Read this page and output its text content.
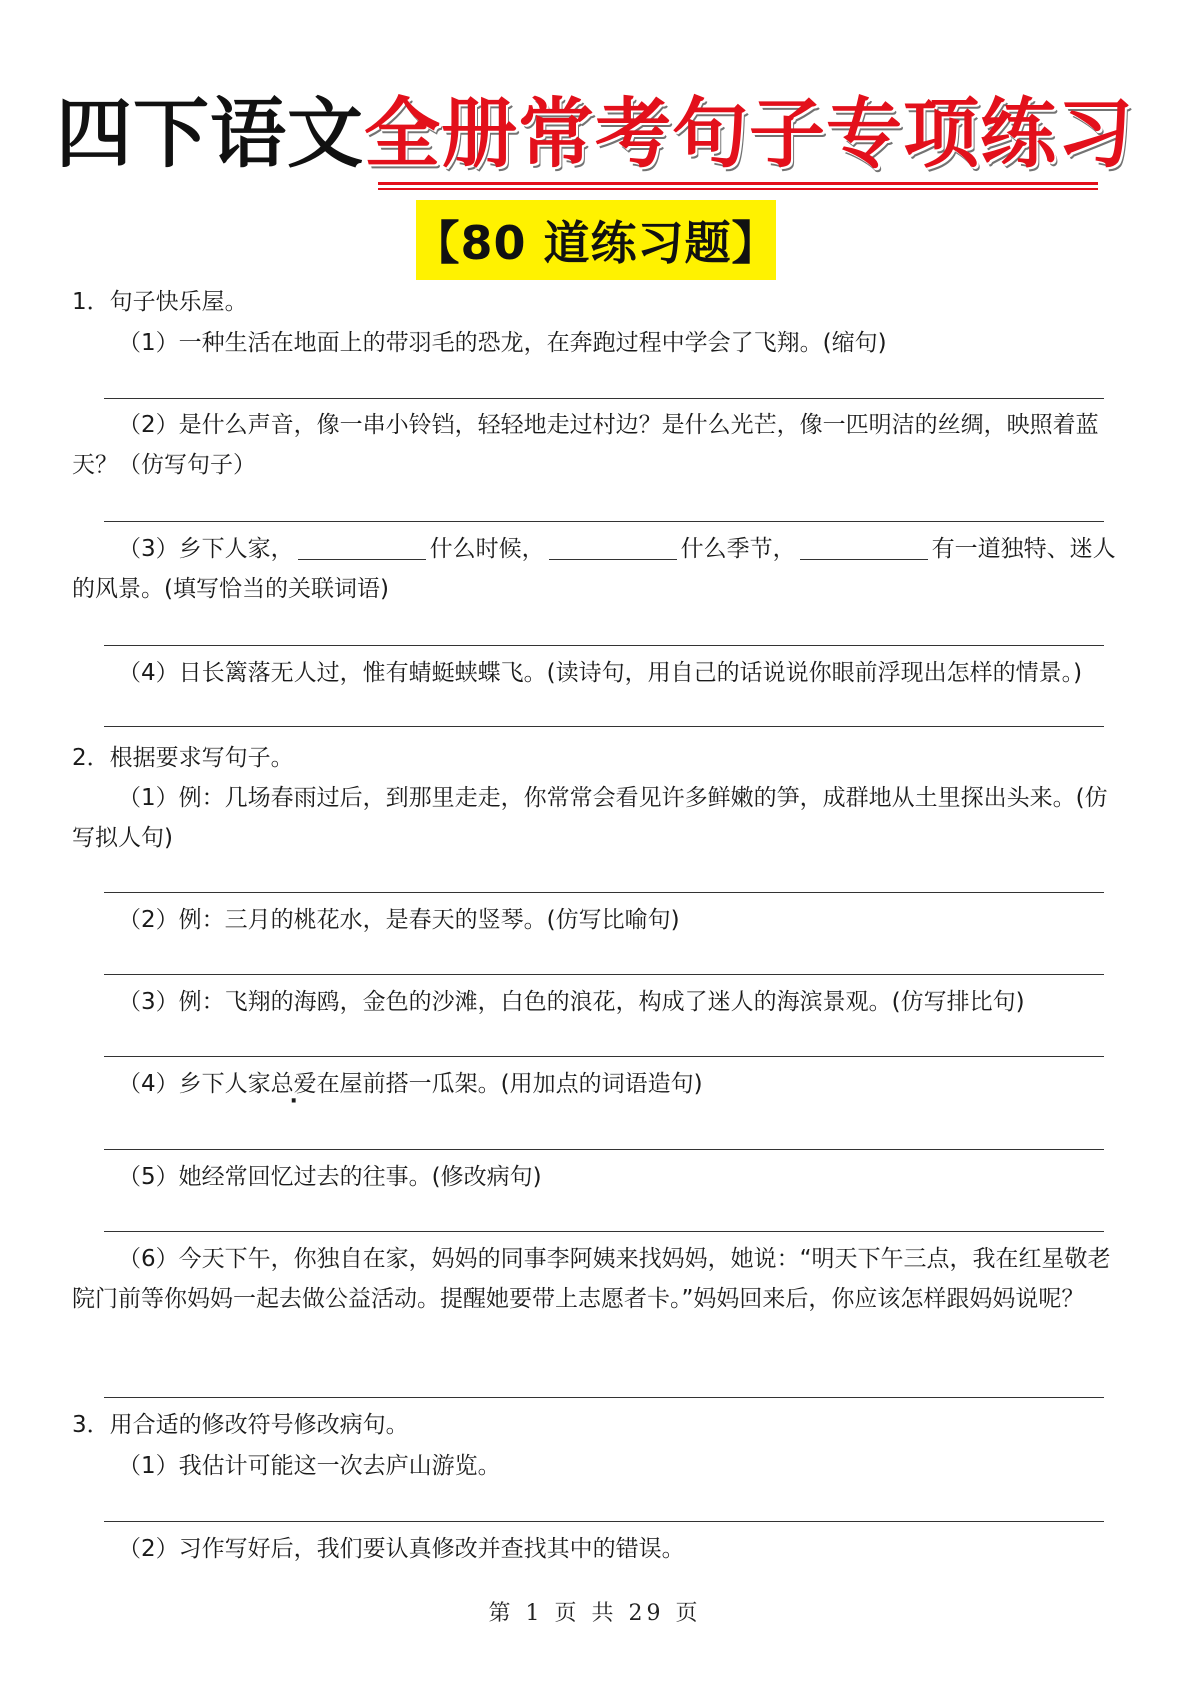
四下语文全册常考句子专项练习
【80 道练习题】
1．句子快乐屋。
（1）一种生活在地面上的带羽毛的恐龙，在奔跑过程中学会了飞翔。(缩句)
（2）是什么声音，像一串小铃铛，轻轻地走过村边？是什么光芒，像一匹明洁的丝绸，映照着蓝天？（仿写句子）
（3）乡下人家，	什么时候，	什么季节，	有一道独特、迷人的风景。(填写恰当的关联词语)
（4）日长篱落无人过，惟有蜻蜓蛱蝶飞。(读诗句，用自己的话说说你眼前浮现出怎样的情景。)
2．根据要求写句子。
（1）例：几场春雨过后，到那里走走，你常常会看见许多鲜嫩的笋，成群地从土里探出头来。(仿写拟人句)
（2）例：三月的桃花水，是春天的竖琴。(仿写比喻句)
（3）例：飞翔的海鸥，金色的沙滩，白色的浪花，构成了迷人的海滨景观。(仿写排比句)
（4）乡下人家总爱在屋前搭一瓜架。(用加点的词语造句)
（5）她经常回忆过去的往事。(修改病句)
（6）今天下午，你独自在家，妈妈的同事李阿姨来找妈妈，她说：“明天下午三点，我在红星敬老院门前等你妈妈一起去做公益活动。提醒她要带上志愿者卡。”妈妈回来后，你应该怎样跟妈妈说呢？
3．用合适的修改符号修改病句。
（1）我估计可能这一次去庐山游览。
（2）习作写好后，我们要认真修改并查找其中的错误。
第 1 页 共 29 页
